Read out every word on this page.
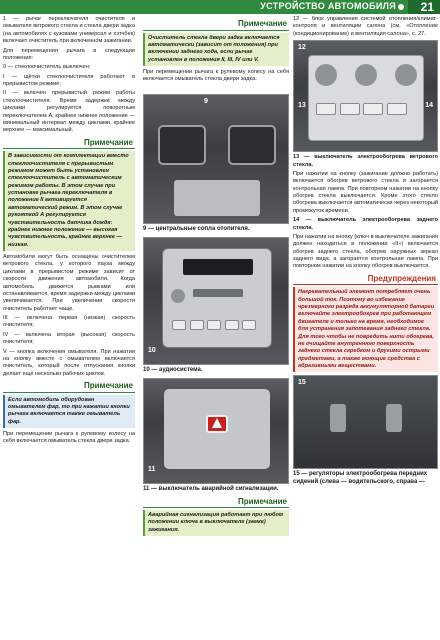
УСТРОЙСТВО АВТОМОБИЛЯ 21

1 — рычаг переключателя очистителя и омывателя ветрового стекла и стекла двери задка (на автомобилях с кузовами универсал и хэтчбек) включает очиститель при включенном зажигании.

Для перемещения рычага в следующие положения:

0 — стеклоочиститель выключен;

I — щётки стеклоочистителя работают в прерывистом режиме;

II — включен прерывистый режим работы стеклоочистителя. Время задержки между циклами регулируется поворотным переключателем А, крайнее нижнее положение — минимальный интервал между циклами, крайнее верхнее — максимальный.

Примечание
В зависимости от комплектации вместо стеклоочистителя с прерывистым режимом может быть установлен стеклоочиститель с автоматическим режимом работы. В этом случае при установке рычага переключателя в положение II активируется автоматический режим. В этом случае рукояткой А регулируется чувствительность датчика дождя: крайнее нижнее положение — высокая чувствительность, крайнее верхнее — низкая.

Автомобили могут быть оснащены очистителем ветрового стекла, у которого пауза между циклами в прерывистом режиме зависит от скорости движения автомобиля. Когда автомобиль движется рывками или останавливается, время задержки между циклами увеличивается. При увеличении скорости очиститель работает чаще.

III — включена первая (низкая) скорость очистителя;

IV — включена вторая (высокая) скорость очистителя;

V — кнопка включения омывателя. При нажатии на кнопку вместе с омывателем включается очиститель, который после отпускания кнопки делает ещё несколько рабочих циклов.

Примечание
Если автомобиль оборудован омывателем фар, то при нажатии кнопки рычага включается также омыватель фар.

При перемещении рычага к рулевому колесу на себя включается омыватель стекла двери задка.

Примечание
Очиститель стекла двери задка включается автоматически (зависит от положения) при включении заднего хода, если рычаг установлен в положения II, III, IV или V.

При перемещении рычага к рулевому колесу на себя включается омыватель стекла двери задка.

9
9 — центральные сопла отопителя.
10

10 — аудиосистема.
11
11 — выключатель аварийной сигнализации.
Примечание
Аварийная сигнализация работает при любом положении ключа в выключателе (замке) зажигания.

12 — блок управления системой отопления/климат-контроля и вентиляции салона (см. «Отопление (кондиционирование) и вентиляция салона», с. 27.

12
13	14

13 — выключатель электрообогрева ветрового стекла.

При нажатии на кнопку (зажигание должно работать) включается обогрев ветрового стекла и загорается контрольная лампа. При повторном нажатии на кнопку обогрев стекла выключается. Кроме этого стекло обогрева выключается автоматически через некоторый промежуток времени.

14 — выключатель электрообогрева заднего стекла.

При нажатии на кнопку (ключ в выключателе зажигания должен находиться в положении «II») включается обогрев заднего стекла, обогрев наружных зеркал заднего вида, а загорается контрольная лампа. При повторном нажатии на кнопку обогрев выключается.

Предупреждения
Нагревательный элемент потребляет очень большой ток. Поэтому во избежание чрезмерного разряда аккумуляторной батареи включайте электрообогрев при работающем двигателе и только на время, необходимое для устранения запотевания заднего стекла. Для того чтобы не повредить нити обогрева, не очищайте внутреннюю поверхность заднего стекла скребком и другими острыми предметами, а также моющие средства с абразивными веществами.
15
15 — регуляторы электрообогрева передних сидений (слева — водительского, справа —
